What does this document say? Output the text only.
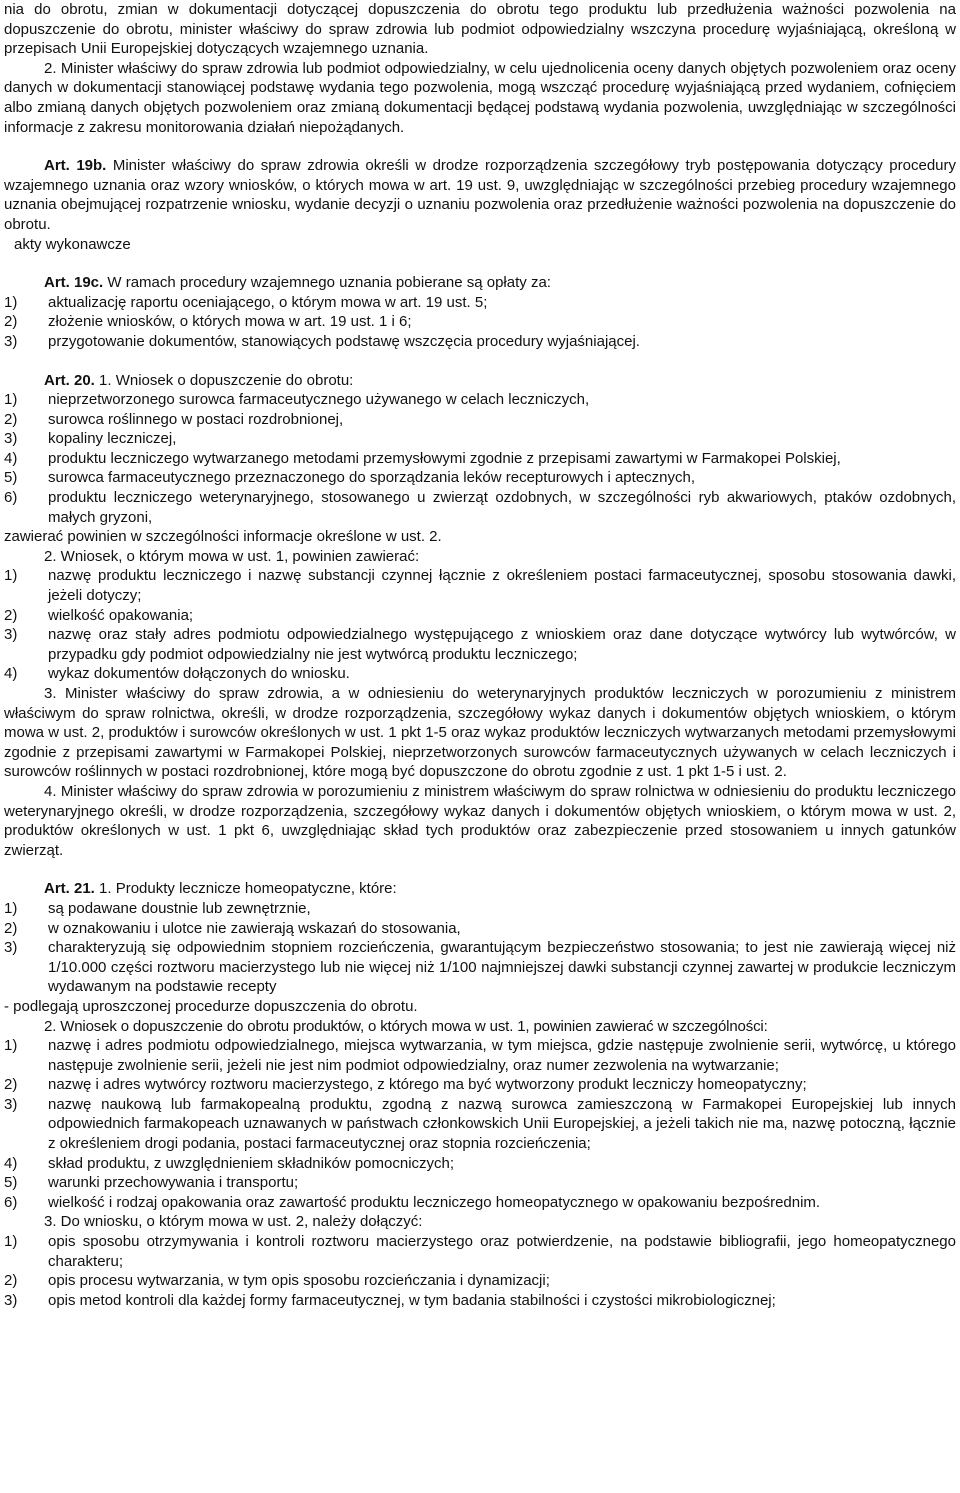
nia do obrotu, zmian w dokumentacji dotyczącej dopuszczenia do obrotu tego produktu lub przedłużenia ważności pozwolenia na dopuszczenie do obrotu, minister właściwy do spraw zdrowia lub podmiot odpowiedzialny wszczyna procedurę wyjaśniającą, określoną w przepisach Unii Europejskiej dotyczących wzajemnego uznania.

2. Minister właściwy do spraw zdrowia lub podmiot odpowiedzialny, w celu ujednolicenia oceny danych objętych pozwoleniem oraz oceny danych w dokumentacji stanowiącej podstawę wydania tego pozwolenia, mogą wszcząć procedurę wyjaśniającą przed wydaniem, cofnięciem albo zmianą danych objętych pozwoleniem oraz zmianą dokumentacji będącej podstawą wydania pozwolenia, uwzględniając w szczególności informacje z zakresu monitorowania działań niepożądanych.

Art. 19b. Minister właściwy do spraw zdrowia określi w drodze rozporządzenia szczegółowy tryb postępowania dotyczący procedury wzajemnego uznania oraz wzory wniosków, o których mowa w art. 19 ust. 9, uwzględniając w szczególności przebieg procedury wzajemnego uznania obejmującej rozpatrzenie wniosku, wydanie decyzji o uznaniu pozwolenia oraz przedłużenie ważności pozwolenia na dopuszczenie do obrotu.

akty wykonawcze

Art. 19c. W ramach procedury wzajemnego uznania pobierane są opłaty za:

1) aktualizację raportu oceniającego, o którym mowa w art. 19 ust. 5;
2) złożenie wniosków, o których mowa w art. 19 ust. 1 i 6;
3) przygotowanie dokumentów, stanowiących podstawę wszczęcia procedury wyjaśniającej.

Art. 20. 1. Wniosek o dopuszczenie do obrotu:

1) nieprzetworzonego surowca farmaceutycznego używanego w celach leczniczych,
2) surowca roślinnego w postaci rozdrobnionej,
3) kopaliny leczniczej,
4) produktu leczniczego wytwarzanego metodami przemysłowymi zgodnie z przepisami zawartymi w Farmakopei Polskiej,
5) surowca farmaceutycznego przeznaczonego do sporządzania leków recepturowych i aptecznych,
6) produktu leczniczego weterynaryjnego, stosowanego u zwierząt ozdobnych, w szczególności ryb akwariowych, ptaków ozdobnych, małych gryzoni,

zawierać powinien w szczególności informacje określone w ust. 2.

2. Wniosek, o którym mowa w ust. 1, powinien zawierać:

1) nazwę produktu leczniczego i nazwę substancji czynnej łącznie z określeniem postaci farmaceutycznej, sposobu stosowania dawki, jeżeli dotyczy;
2) wielkość opakowania;
3) nazwę oraz stały adres podmiotu odpowiedzialnego występującego z wnioskiem oraz dane dotyczące wytwórcy lub wytwórców, w przypadku gdy podmiot odpowiedzialny nie jest wytwórcą produktu leczniczego;
4) wykaz dokumentów dołączonych do wniosku.

3. Minister właściwy do spraw zdrowia, a w odniesieniu do weterynaryjnych produktów leczniczych w porozumieniu z ministrem właściwym do spraw rolnictwa, określi, w drodze rozporządzenia, szczegółowy wykaz danych i dokumentów objętych wnioskiem, o którym mowa w ust. 2, produktów i surowców określonych w ust. 1 pkt 1-5 oraz wykaz produktów leczniczych wytwarzanych metodami przemysłowymi zgodnie z przepisami zawartymi w Farmakopei Polskiej, nieprzetworzonych surowców farmaceutycznych używanych w celach leczniczych i surowców roślinnych w postaci rozdrobnionej, które mogą być dopuszczone do obrotu zgodnie z ust. 1 pkt 1-5 i ust. 2.

4. Minister właściwy do spraw zdrowia w porozumieniu z ministrem właściwym do spraw rolnictwa w odniesieniu do produktu leczniczego weterynaryjnego określi, w drodze rozporządzenia, szczegółowy wykaz danych i dokumentów objętych wnioskiem, o którym mowa w ust. 2, produktów określonych w ust. 1 pkt 6, uwzględniając skład tych produktów oraz zabezpieczenie przed stosowaniem u innych gatunków zwierząt.

Art. 21. 1. Produkty lecznicze homeopatyczne, które:

1) są podawane doustnie lub zewnętrznie,
2) w oznakowaniu i ulotce nie zawierają wskazań do stosowania,
3) charakteryzują się odpowiednim stopniem rozcieńczenia, gwarantującym bezpieczeństwo stosowania; to jest nie zawierają więcej niż 1/10.000 części roztworu macierzystego lub nie więcej niż 1/100 najmniejszej dawki substancji czynnej zawartej w produkcie leczniczym wydawanym na podstawie recepty

- podlegają uproszczonej procedurze dopuszczenia do obrotu.

2. Wniosek o dopuszczenie do obrotu produktów, o których mowa w ust. 1, powinien zawierać w szczególności:

1) nazwę i adres podmiotu odpowiedzialnego, miejsca wytwarzania, w tym miejsca, gdzie następuje zwolnienie serii, wytwórcę, u którego następuje zwolnienie serii, jeżeli nie jest nim podmiot odpowiedzialny, oraz numer zezwolenia na wytwarzanie;
2) nazwę i adres wytwórcy roztworu macierzystego, z którego ma być wytworzony produkt leczniczy homeopatyczny;
3) nazwę naukową lub farmakopealną produktu, zgodną z nazwą surowca zamieszczoną w Farmakopei Europejskiej lub innych odpowiednich farmakopeach uznawanych w państwach członkowskich Unii Europejskiej, a jeżeli takich nie ma, nazwę potoczną, łącznie z określeniem drogi podania, postaci farmaceutycznej oraz stopnia rozcieńczenia;
4) skład produktu, z uwzględnieniem składników pomocniczych;
5) warunki przechowywania i transportu;
6) wielkość i rodzaj opakowania oraz zawartość produktu leczniczego homeopatycznego w opakowaniu bezpośrednim.

3. Do wniosku, o którym mowa w ust. 2, należy dołączyć:

1) opis sposobu otrzymywania i kontroli roztworu macierzystego oraz potwierdzenie, na podstawie bibliografii, jego homeopatycznego charakteru;
2) opis procesu wytwarzania, w tym opis sposobu rozcieńczania i dynamizacji;
3) opis metod kontroli dla każdej formy farmaceutycznej, w tym badania stabilności i czystości mikrobiologicznej;
